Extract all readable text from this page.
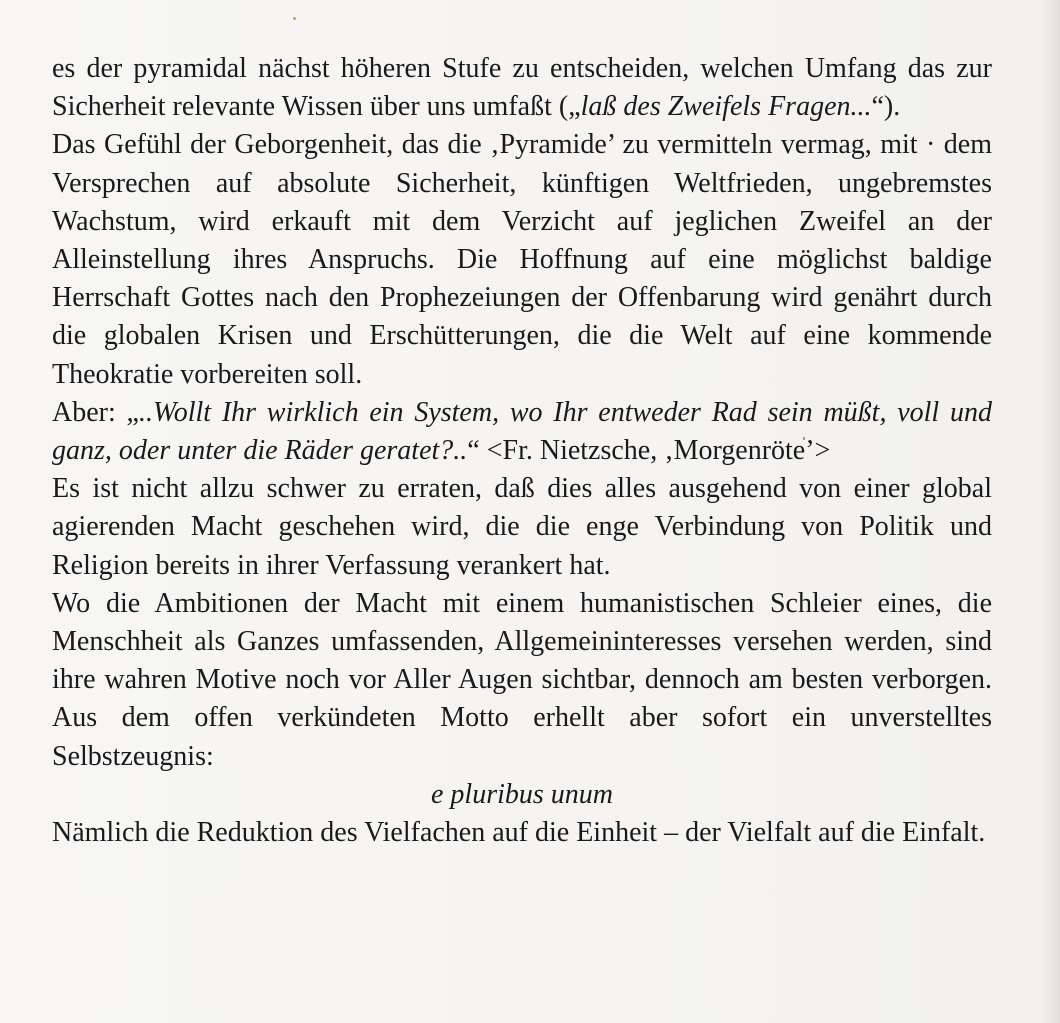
es der pyramidal nächst höheren Stufe zu entscheiden, welchen Umfang das zur Sicherheit relevante Wissen über uns umfaßt („laß des Zweifels Fragen...“).

Das Gefühl der Geborgenheit, das die ‚Pyramide’ zu vermitteln vermag, mit · dem Versprechen auf absolute Sicherheit, künftigen Weltfrieden, ungebremstes Wachstum, wird erkauft mit dem Verzicht auf jeglichen Zweifel an der Alleinstellung ihres Anspruchs. Die Hoffnung auf eine möglichst baldige Herrschaft Gottes nach den Prophezeiungen der Offenbarung wird genährt durch die globalen Krisen und Erschütterungen, die die Welt auf eine kommende Theokratie vorbereiten soll.

Aber: „..Wollt Ihr wirklich ein System, wo Ihr entweder Rad sein müßt, voll und ganz, oder unter die Räder geratet?..“ <Fr. Nietzsche, ‚Morgenröte’>

Es ist nicht allzu schwer zu erraten, daß dies alles ausgehend von einer global agierenden Macht geschehen wird, die die enge Verbindung von Politik und Religion bereits in ihrer Verfassung verankert hat.

Wo die Ambitionen der Macht mit einem humanistischen Schleier eines, die Menschheit als Ganzes umfassenden, Allgemeininteresses versehen werden, sind ihre wahren Motive noch vor Aller Augen sichtbar, dennoch am besten verborgen. Aus dem offen verkündeten Motto erhellt aber sofort ein unverstelltes Selbstzeugnis:

e pluribus unum

Nämlich die Reduktion des Vielfachen auf die Einheit – der Vielfalt auf die Einfalt.
